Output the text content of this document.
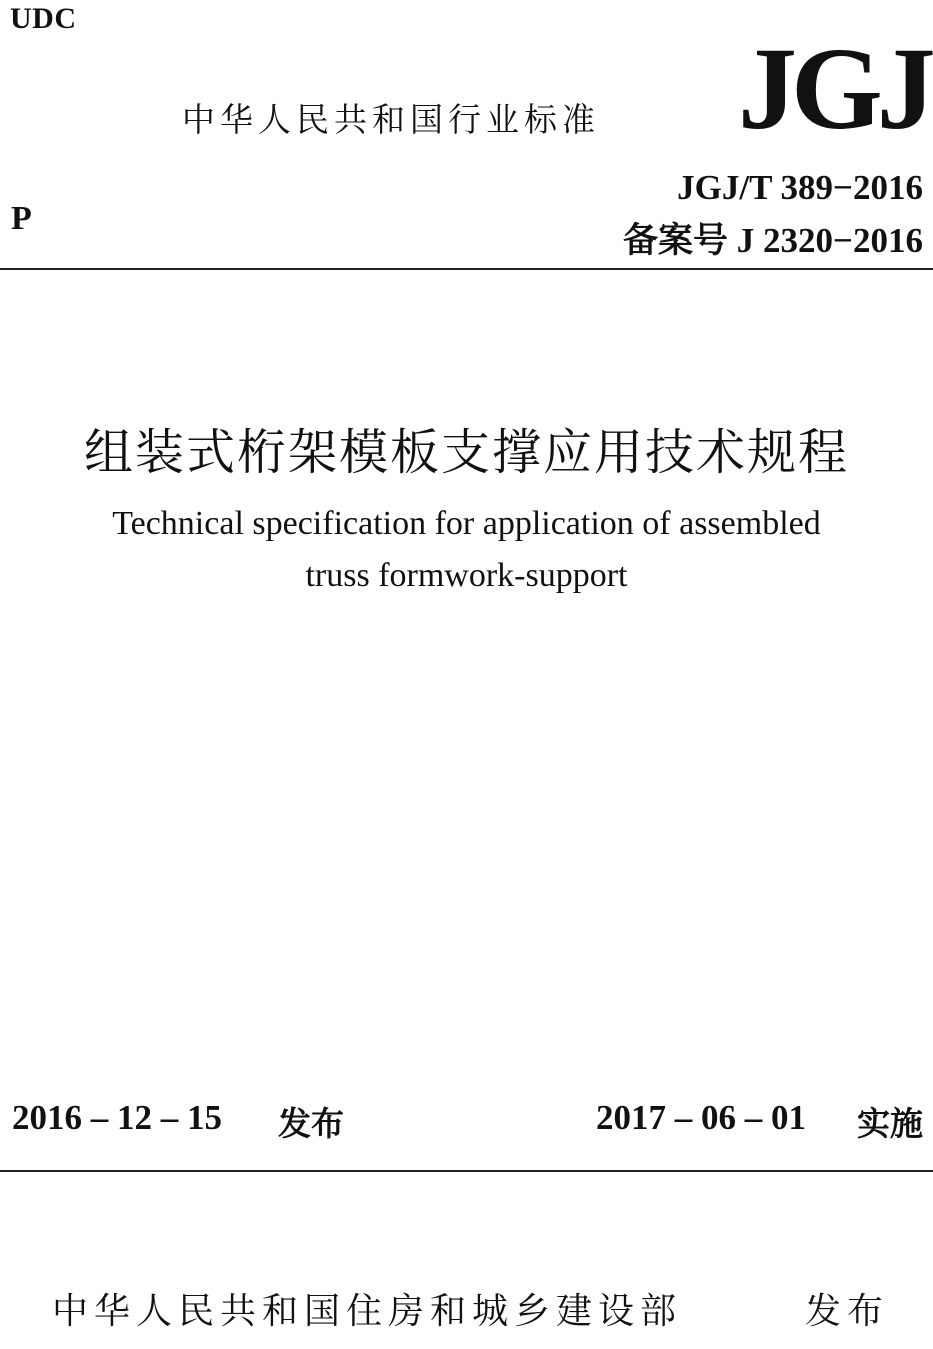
UDC
中华人民共和国行业标准 JGJ
P
JGJ/T 389−2016
备案号 J 2320−2016
组装式桁架模板支撑应用技术规程
Technical specification for application of assembled
truss formwork-support
2016 – 12 – 15 发布	2017 – 06 – 01 实施
中华人民共和国住房和城乡建设部	发布
